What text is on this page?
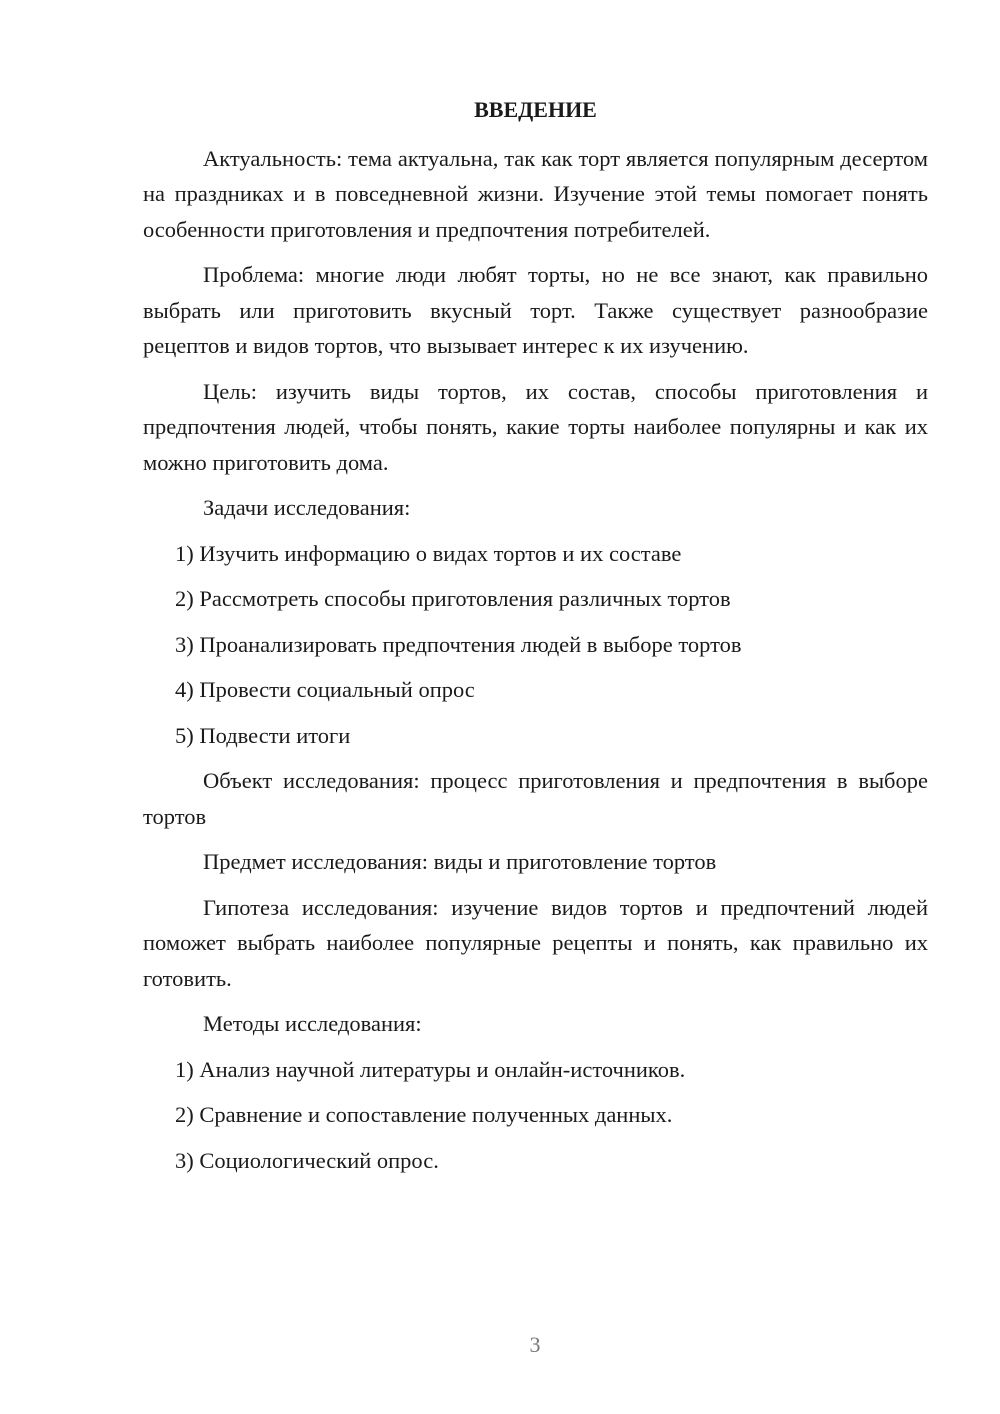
ВВЕДЕНИЕ

Актуальность: тема актуальна, так как торт является популярным десертом на праздниках и в повседневной жизни. Изучение этой темы помогает понять особенности приготовления и предпочтения потребителей.

Проблема: многие люди любят торты, но не все знают, как правильно выбрать или приготовить вкусный торт. Также существует разнообразие рецептов и видов тортов, что вызывает интерес к их изучению.

Цель: изучить виды тортов, их состав, способы приготовления и предпочтения людей, чтобы понять, какие торты наиболее популярны и как их можно приготовить дома.

Задачи исследования:

1) Изучить информацию о видах тортов и их составе
2) Рассмотреть способы приготовления различных тортов
3) Проанализировать предпочтения людей в выборе тортов
4) Провести социальный опрос
5) Подвести итоги

Объект исследования: процесс приготовления и предпочтения в выборе тортов

Предмет исследования: виды и приготовление тортов

Гипотеза исследования: изучение видов тортов и предпочтений людей поможет выбрать наиболее популярные рецепты и понять, как правильно их готовить.

Методы исследования:

1) Анализ научной литературы и онлайн-источников.
2) Сравнение и сопоставление полученных данных.
3) Социологический опрос.
3
